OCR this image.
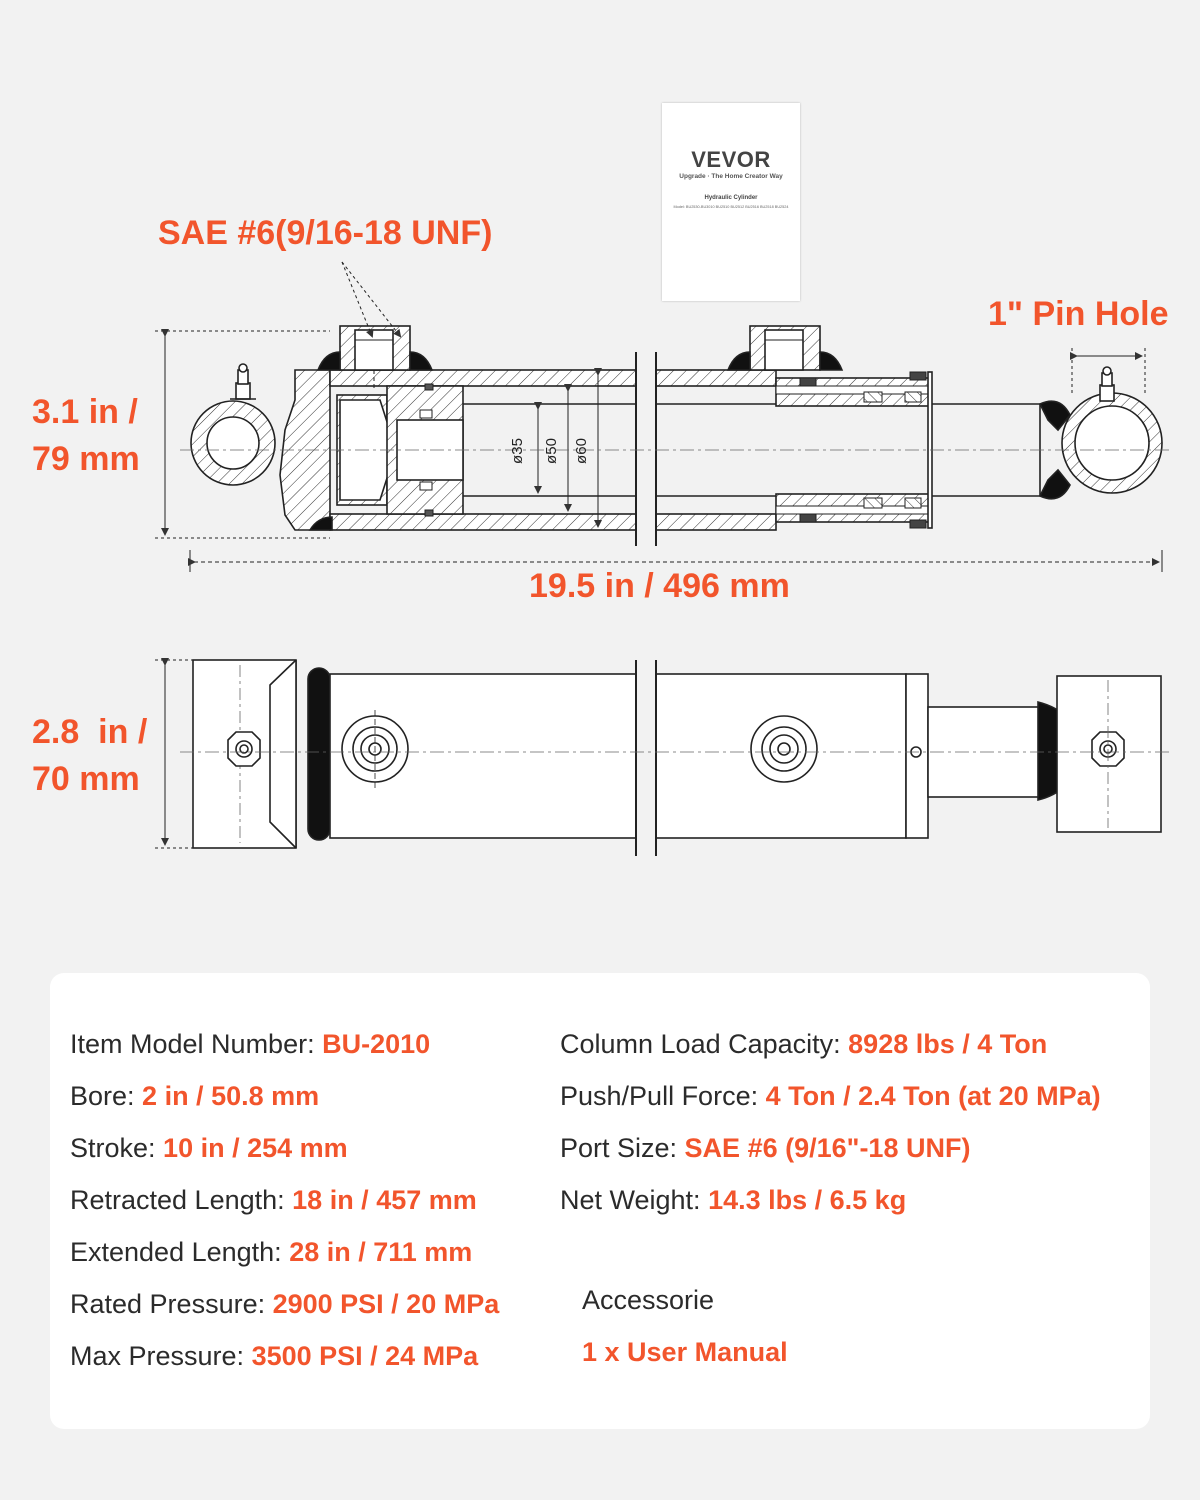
ø35 ø50 ø60
SAE #6(9/16-18 UNF)
1" Pin Hole
3.1 in /
79 mm
19.5 in / 496 mm
2.8  in /
70 mm
VEVOR
Upgrade · The Home Creator Way
Hydraulic Cylinder
Model: BU2530-BU3010 BU2510 BU2512 BU2516 BU2518 BU2524
Item Model Number: BU-2010
Bore: 2 in / 50.8 mm
Stroke: 10 in / 254 mm
Retracted Length: 18 in / 457 mm
Extended Length: 28 in / 711 mm
Rated Pressure: 2900 PSI / 20 MPa
Max Pressure: 3500 PSI / 24 MPa
Column Load Capacity: 8928 lbs / 4 Ton
Push/Pull Force: 4 Ton / 2.4 Ton (at 20 MPa)
Port Size: SAE #6 (9/16"-18 UNF)
Net Weight: 14.3 lbs / 6.5 kg
Accessorie
1 x User Manual
